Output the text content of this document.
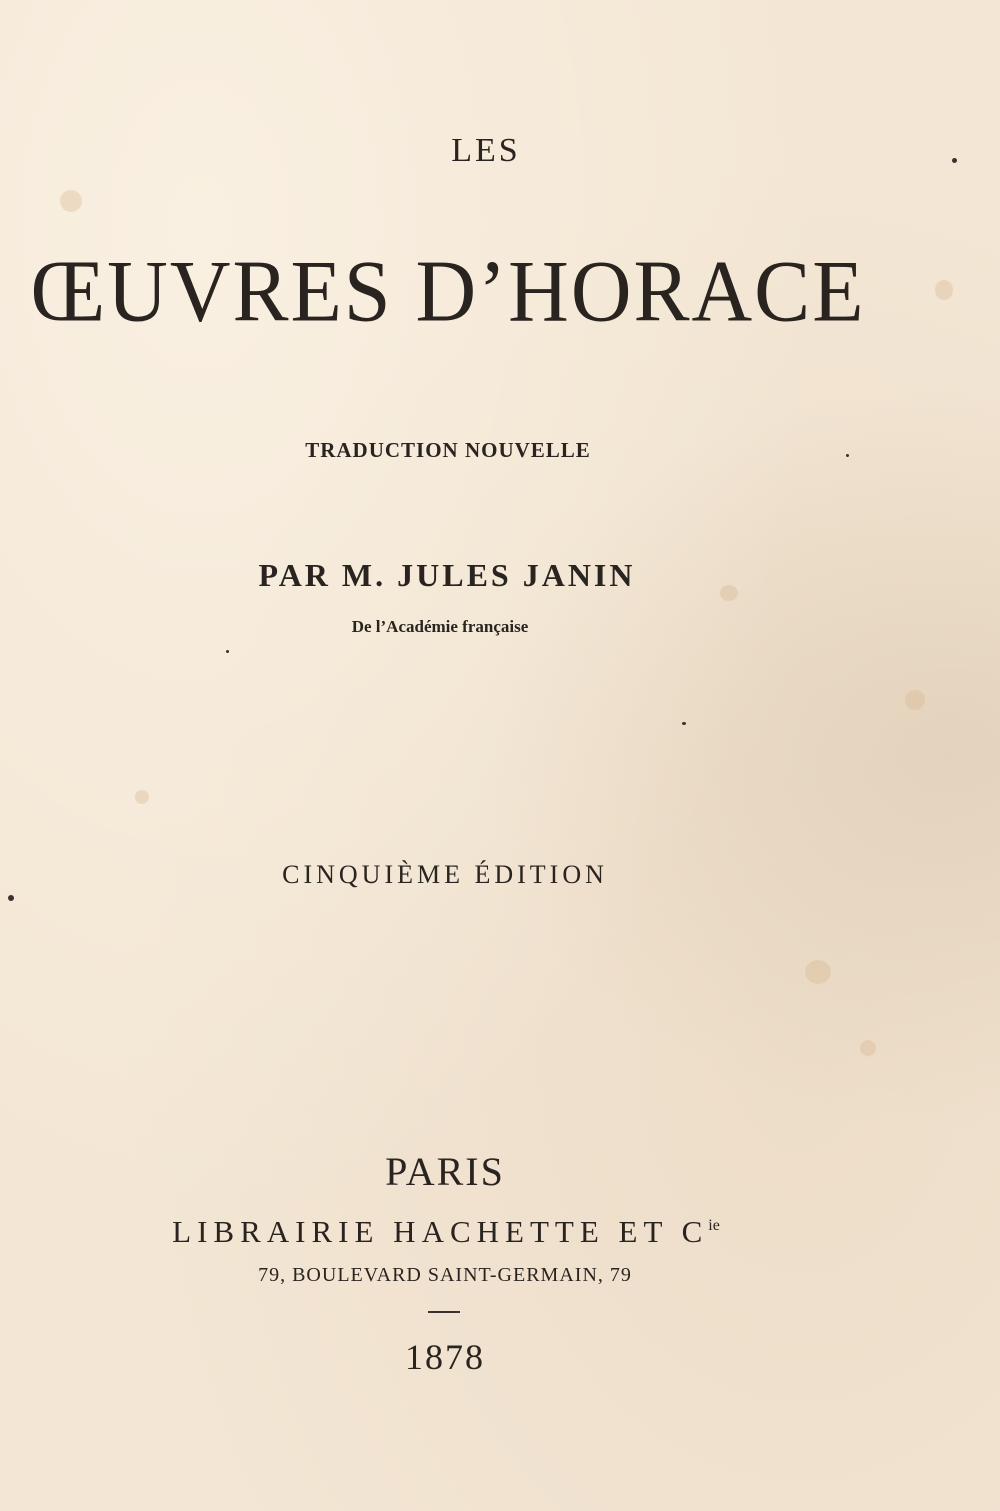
LES
ŒUVRES D’HORACE
TRADUCTION NOUVELLE
PAR M. JULES JANIN
De l’Académie française
CINQUIÈME ÉDITION
PARIS
LIBRAIRIE HACHETTE ET $C^{ie}$
79, BOULEVARD SAINT-GERMAIN, 79
1878
